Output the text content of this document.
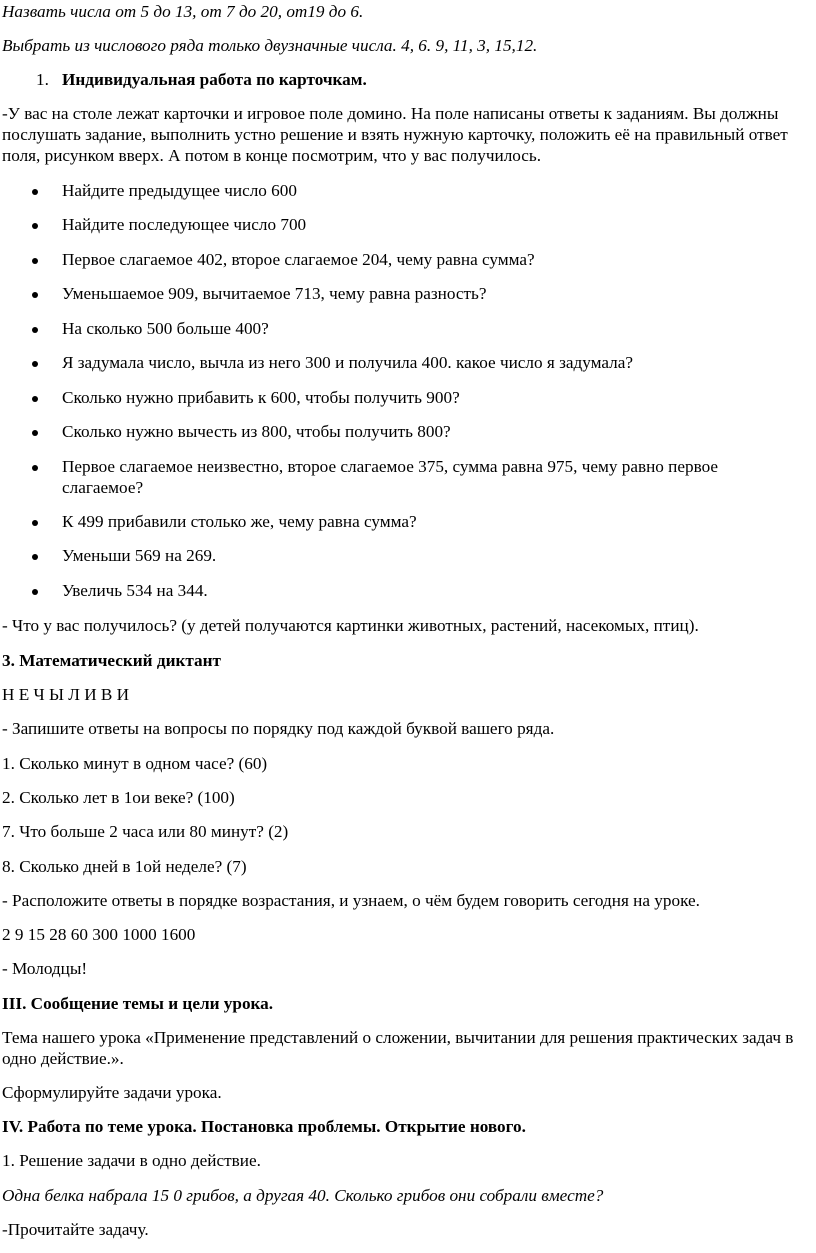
Назвать числа от 5 до 13, от 7 до 20, от19 до 6.
Выбрать из числового ряда только двузначные числа. 4, 6. 9, 11, 3, 15,12.
1. Индивидуальная работа по карточкам.
-У вас на столе лежат карточки и игровое поле домино. На поле написаны ответы к заданиям. Вы должны послушать задание, выполнить устно решение и взять нужную карточку, положить её на правильный ответ поля, рисунком вверх. А потом в конце посмотрим, что у вас получилось.
Найдите предыдущее число 600
Найдите последующее число 700
Первое слагаемое 402, второе слагаемое 204, чему равна сумма?
Уменьшаемое 909, вычитаемое 713, чему равна разность?
На сколько 500 больше 400?
Я задумала число, вычла из него 300 и получила 400. какое число я задумала?
Сколько нужно прибавить к 600, чтобы получить 900?
Сколько нужно вычесть из 800, чтобы получить 800?
Первое слагаемое неизвестно, второе слагаемое 375, сумма равна 975, чему равно первое слагаемое?
К 499 прибавили столько же, чему равна сумма?
Уменьши 569 на 269.
Увеличь 534 на 344.
- Что у вас получилось? (у детей получаются картинки животных, растений, насекомых, птиц).
3. Математический диктант
Н Е Ч Ы Л И В И
- Запишите ответы на вопросы по порядку под каждой буквой вашего ряда.
1. Сколько минут в одном часе? (60)
2. Сколько лет в 1ои веке? (100)
7. Что больше 2 часа или 80 минут? (2)
8. Сколько дней в 1ой неделе? (7)
- Расположите ответы в порядке возрастания, и узнаем, о чём будем говорить сегодня на уроке.
2 9 15 28 60 300 1000 1600
- Молодцы!
III. Сообщение темы и цели урока.
Тема нашего урока «Применение представлений о сложении, вычитании для решения практических задач в одно действие.».
Сформулируйте задачи урока.
IV. Работа по теме урока. Постановка проблемы. Открытие нового.
1. Решение задачи в одно действие.
Одна белка набрала 15 0 грибов, а другая 40. Сколько грибов они собрали вместе?
-Прочитайте задачу.
